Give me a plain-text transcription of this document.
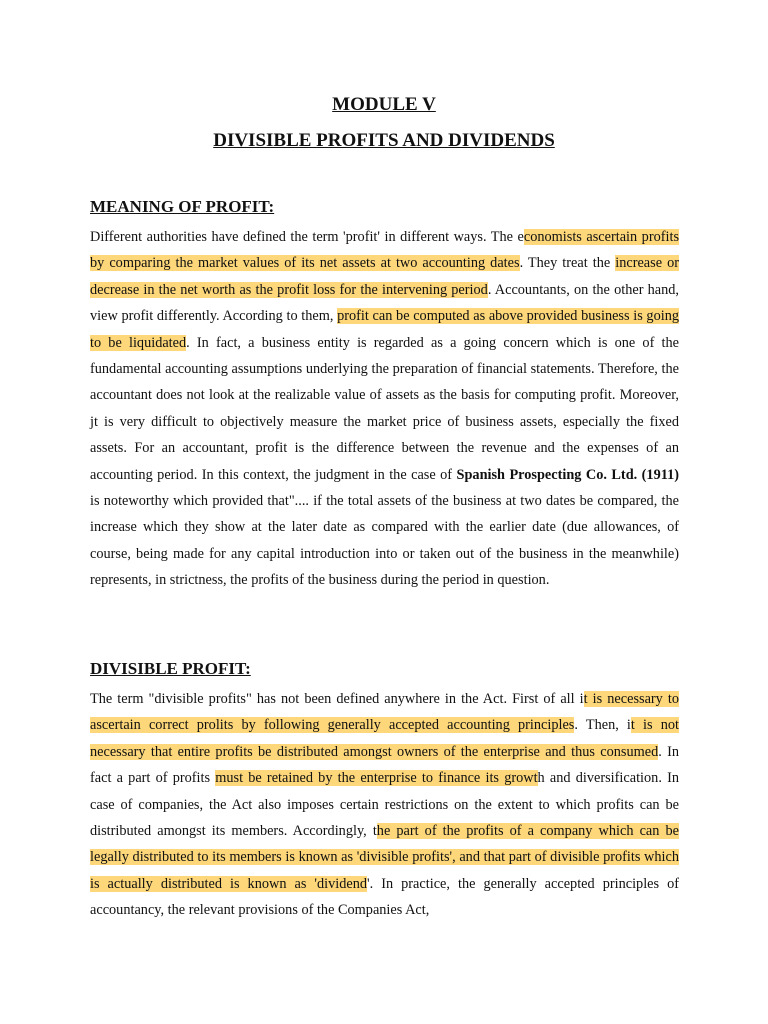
MODULE V
DIVISIBLE PROFITS AND DIVIDENDS
MEANING OF PROFIT:

Different authorities have defined the term 'profit' in different ways. The economists ascertain profits by comparing the market values of its net assets at two accounting dates. They treat the increase or decrease in the net worth as the profit loss for the intervening period. Accountants, on the other hand, view profit differently. According to them, profit can be computed as above provided business is going to be liquidated. In fact, a business entity is regarded as a going concern which is one of the fundamental accounting assumptions underlying the preparation of financial statements. Therefore, the accountant does not look at the realizable value of assets as the basis for computing profit. Moreover, jt is very difficult to objectively measure the market price of business assets, especially the fixed assets. For an accountant, profit is the difference between the revenue and the expenses of an accounting period. In this context, the judgment in the case of Spanish Prospecting Co. Ltd. (1911) is noteworthy which provided that".... if the total assets of the business at two dates be compared, the increase which they show at the later date as compared with the earlier date (due allowances, of course, being made for any capital introduction into or taken out of the business in the meanwhile) represents, in strictness, the profits of the business during the period in question.

DIVISIBLE PROFIT:

The term "divisible profits" has not been defined anywhere in the Act. First of all it is necessary to ascertain correct prolits by following generally accepted accounting principles. Then, it is not necessary that entire profits be distributed amongst owners of the enterprise and thus consumed. In fact a part of profits must be retained by the enterprise to finance its growth and diversification. In case of companies, the Act also imposes certain restrictions on the extent to which profits can be distributed amongst its members. Accordingly, the part of the profits of a company which can be legally distributed to its members is known as 'divisible profits', and that part of divisible profits which is actually distributed is known as 'dividend'. In practice, the generally accepted principles of accountancy, the relevant provisions of the Companies Act,
